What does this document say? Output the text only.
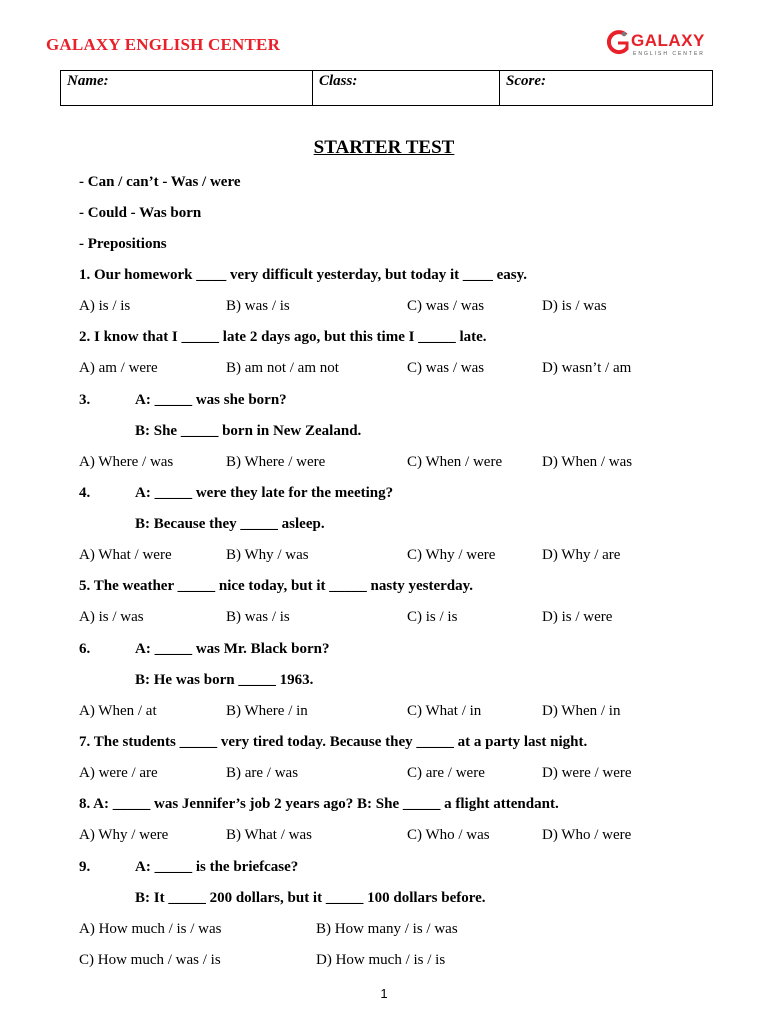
GALAXY ENGLISH CENTER	GALAXY
ENGLISH CENTER
Name:	Class:	Score:
STARTER TEST
- Can / can’t - Was / were
- Could - Was born
- Prepositions
1. Our homework ____ very difficult yesterday, but today it ____ easy.
A) is / is	B) was / is	C) was / was	D) is / was
2. I know that I _____ late 2 days ago, but this time I _____ late.
A) am / were	B) am not / am not	C) was / was	D) wasn’t / am
3.	A: _____ was she born?
B: She _____ born in New Zealand.
A) Where / was	B) Where / were	C) When / were	D) When / was
4.	A: _____ were they late for the meeting?
B: Because they _____ asleep.
A) What / were	B) Why / was	C) Why / were	D) Why / are
5. The weather _____ nice today, but it _____ nasty yesterday.
A) is / was	B) was / is	C) is / is	D) is / were
6.	A: _____ was Mr. Black born?
B: He was born _____ 1963.
A) When / at	B) Where / in	C) What / in	D) When / in
7. The students _____ very tired today. Because they _____ at a party last night.
A) were / are	B) are / was	C) are / were	D) were / were
8. A: _____ was Jennifer’s job 2 years ago? B: She _____ a flight attendant.
A) Why / were	B) What / was	C) Who / was	D) Who / were
9.	A: _____ is the briefcase?
B: It _____ 200 dollars, but it _____ 100 dollars before.
A) How much / is / was	B) How many / is / was
C) How much / was / is	D) How much / is / is
1
